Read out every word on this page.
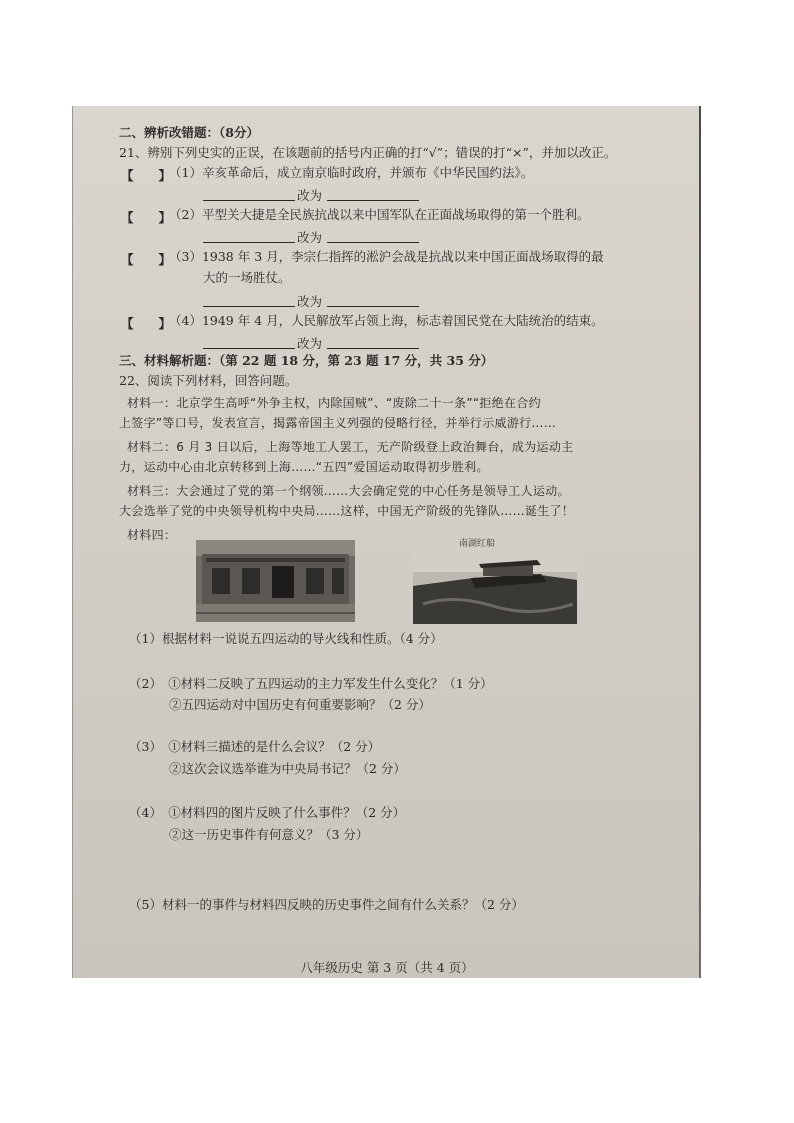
二、辨析改错题：（8分）
21、辨别下列史实的正误，在该题前的括号内正确的打“√”；错误的打“×”，并加以改正。
【　　】
（1）辛亥革命后，成立南京临时政府，并颁布《中华民国约法》。
改为
【　　】
（2）平型关大捷是全民族抗战以来中国军队在正面战场取得的第一个胜利。
改为
【　　】
（3）1938 年 3 月，李宗仁指挥的淞沪会战是抗战以来中国正面战场取得的最
大的一场胜仗。
改为
【　　】
（4）1949 年 4 月，人民解放军占领上海，标志着国民党在大陆统治的结束。
改为
三、材料解析题：（第 22 题 18 分，第 23 题 17 分，共 35 分）
22、阅读下列材料，回答问题。
材料一：北京学生高呼“外争主权，内除国贼”、“废除二十一条”“拒绝在合约
上签字”等口号，发表宣言，揭露帝国主义列强的侵略行径，并举行示威游行……
材料二：6 月 3 日以后，上海等地工人罢工，无产阶级登上政治舞台，成为运动主
力，运动中心由北京转移到上海……“五四”爱国运动取得初步胜利。
材料三：大会通过了党的第一个纲领……大会确定党的中心任务是领导工人运动。
大会选举了党的中央领导机构中央局……这样，中国无产阶级的先锋队……诞生了！
材料四：
南湖红船
（1）根据材料一说说五四运动的导火线和性质。（4 分）
（2）　①材料二反映了五四运动的主力军发生什么变化？（1 分）
②五四运动对中国历史有何重要影响？（2 分）
（3）　①材料三描述的是什么会议？（2 分）
②这次会议选举谁为中央局书记？（2 分）
（4）　①材料四的图片反映了什么事件？（2 分）
②这一历史事件有何意义？（3 分）
（5）材料一的事件与材料四反映的历史事件之间有什么关系？（2 分）
八年级历史 第 3 页（共 4 页）
